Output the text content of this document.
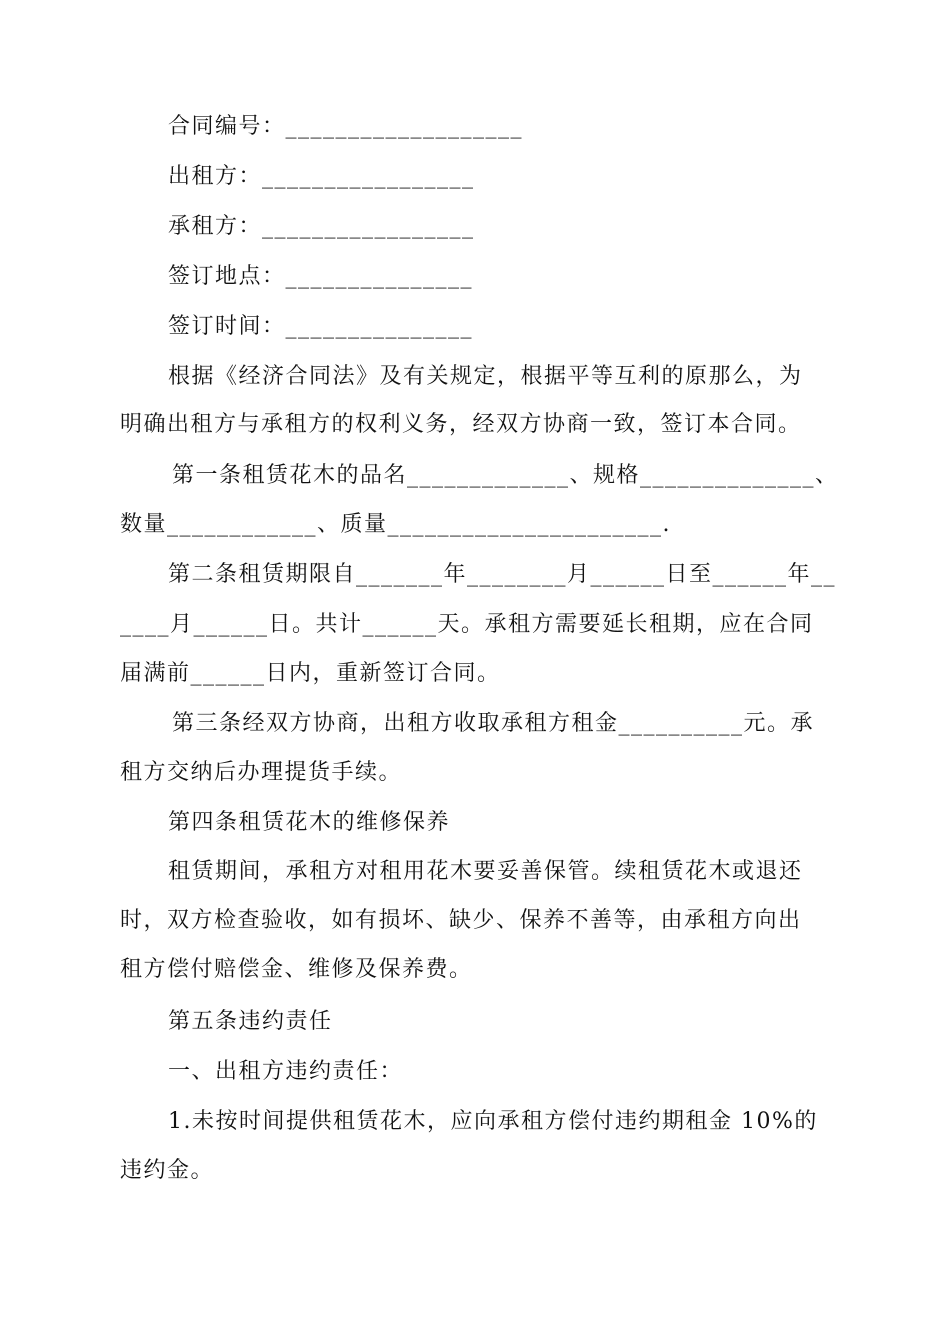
合同编号：___________________
出租方：_________________
承租方：_________________
签订地点：_______________
签订时间：_______________
根据《经济合同法》及有关规定，根据平等互利的原那么，为
明确出租方与承租方的权利义务，经双方协商一致，签订本合同。
第一条租赁花木的品名_____________、规格______________、
数量____________、质量______________________.
第二条租赁期限自_______年________月______日至______年__
____月______日。共计______天。承租方需要延长租期，应在合同
届满前______日内，重新签订合同。
第三条经双方协商，出租方收取承租方租金__________元。承
租方交纳后办理提货手续。
第四条租赁花木的维修保养
租赁期间，承租方对租用花木要妥善保管。续租赁花木或退还
时，双方检查验收，如有损坏、缺少、保养不善等，由承租方向出
租方偿付赔偿金、维修及保养费。
第五条违约责任
一、出租方违约责任：
1.未按时间提供租赁花木，应向承租方偿付违约期租金 10%的
违约金。
